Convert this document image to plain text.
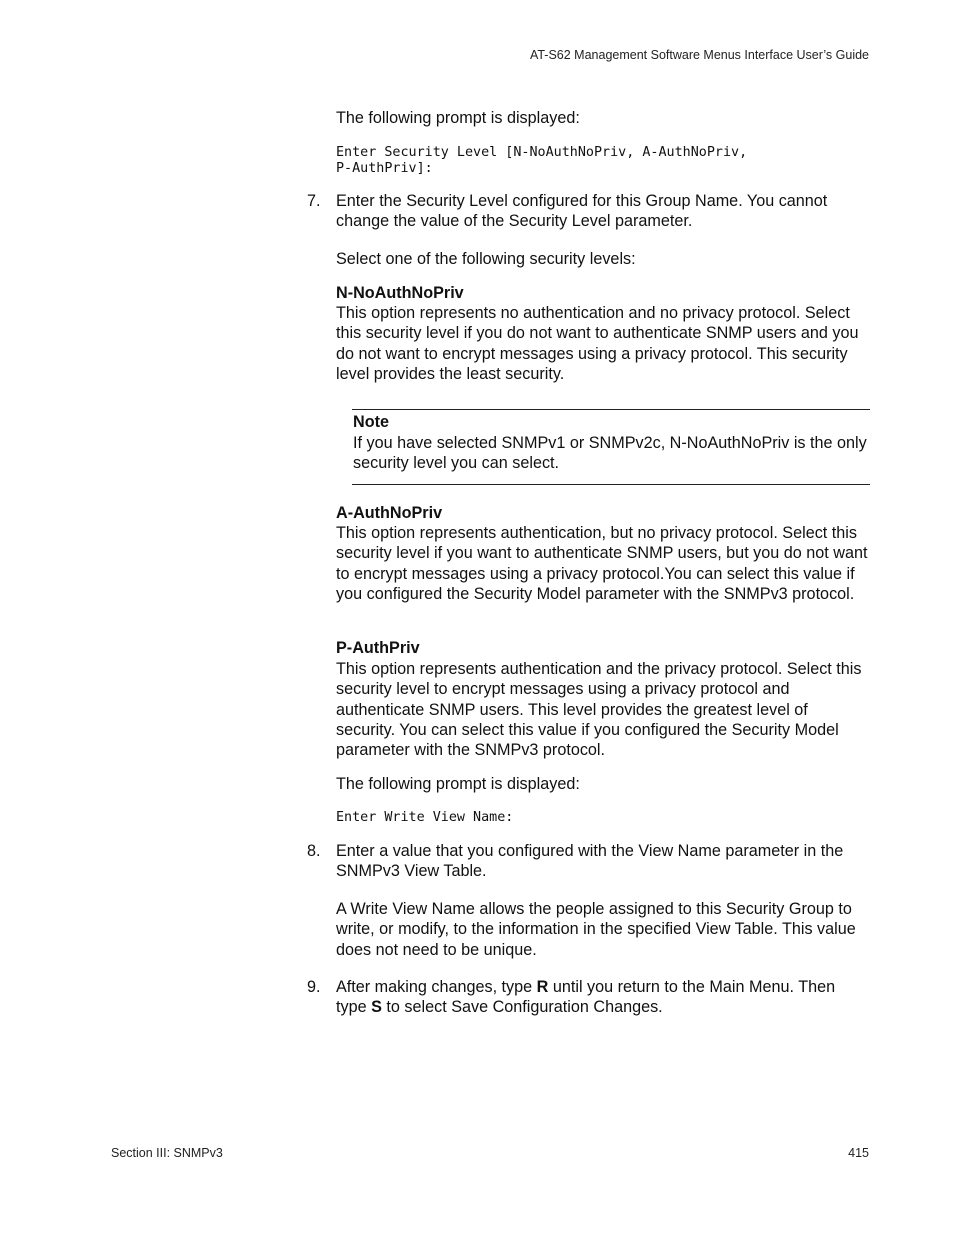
AT-S62 Management Software Menus Interface User’s Guide
The following prompt is displayed:
Enter Security Level [N-NoAuthNoPriv, A-AuthNoPriv,
P-AuthPriv]:
7. Enter the Security Level configured for this Group Name. You cannot change the value of the Security Level parameter.
Select one of the following security levels:
N-NoAuthNoPriv
This option represents no authentication and no privacy protocol. Select this security level if you do not want to authenticate SNMP users and you do not want to encrypt messages using a privacy protocol. This security level provides the least security.
Note
If you have selected SNMPv1 or SNMPv2c, N-NoAuthNoPriv is the only security level you can select.
A-AuthNoPriv
This option represents authentication, but no privacy protocol. Select this security level if you want to authenticate SNMP users, but you do not want to encrypt messages using a privacy protocol.You can select this value if you configured the Security Model parameter with the SNMPv3 protocol.
P-AuthPriv
This option represents authentication and the privacy protocol. Select this security level to encrypt messages using a privacy protocol and authenticate SNMP users. This level provides the greatest level of security. You can select this value if you configured the Security Model parameter with the SNMPv3 protocol.
The following prompt is displayed:
Enter Write View Name:
8. Enter a value that you configured with the View Name parameter in the SNMPv3 View Table.
A Write View Name allows the people assigned to this Security Group to write, or modify, to the information in the specified View Table. This value does not need to be unique.
9. After making changes, type R until you return to the Main Menu. Then type S to select Save Configuration Changes.
Section III: SNMPv3	415
